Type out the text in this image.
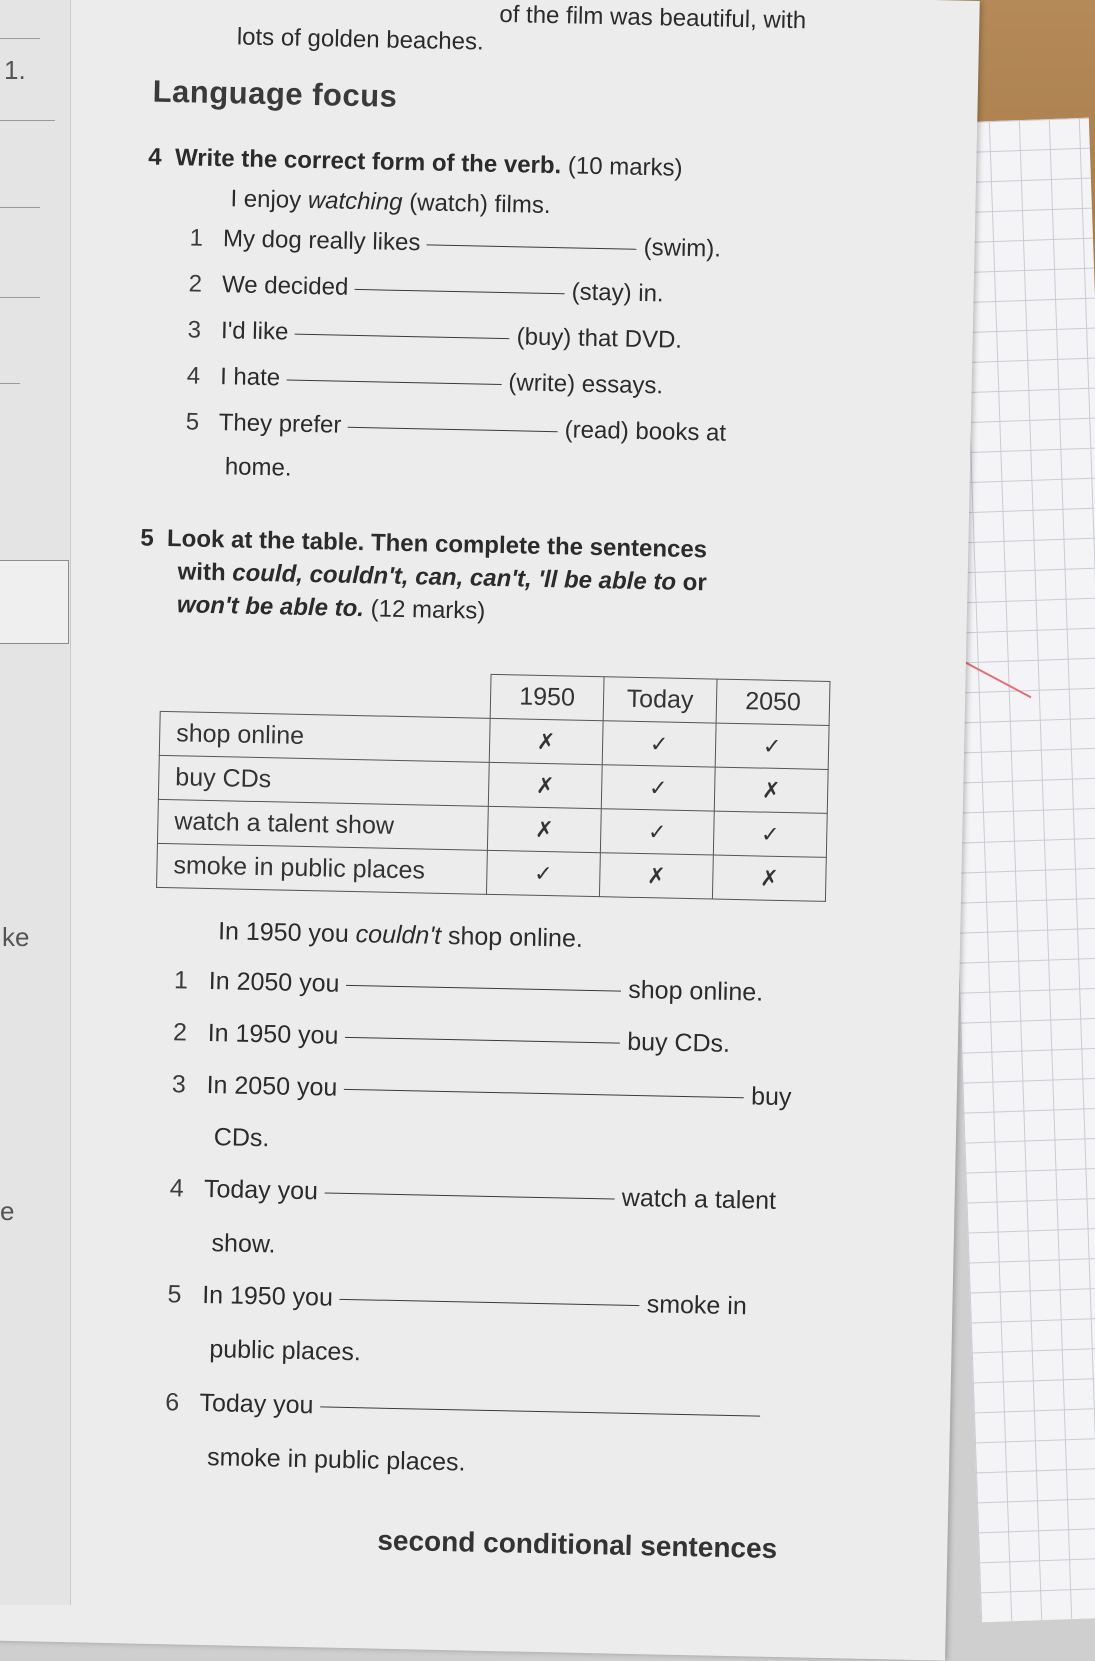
of the film was beautiful, with
lots of golden beaches.
Language focus
4 Write the correct form of the verb. (10 marks)
I enjoy watching (watch) films.
1 My dog really likes	(swim).
2 We decided	(stay) in.
3 I'd like	(buy) that DVD.
4 I hate	(write) essays.
5 They prefer	(read) books at
home.
5 Look at the table. Then complete the sentences
with could, couldn't, can, can't, 'll be able to or
won't be able to. (12 marks)
	1950	Today	2050
shop online	✗	✓	✓
buy CDs	✗	✓	✗
watch a talent show	✗	✓	✓
smoke in public places	✓	✗	✗
In 1950 you couldn't shop online.
1 In 2050 you	shop online.
2 In 1950 you	buy CDs.
3 In 2050 you	buy
CDs.
4 Today you	watch a talent
show.
5 In 1950 you	smoke in
public places.
6 Today you
smoke in public places.
second conditional sentences
1.
ke
e
